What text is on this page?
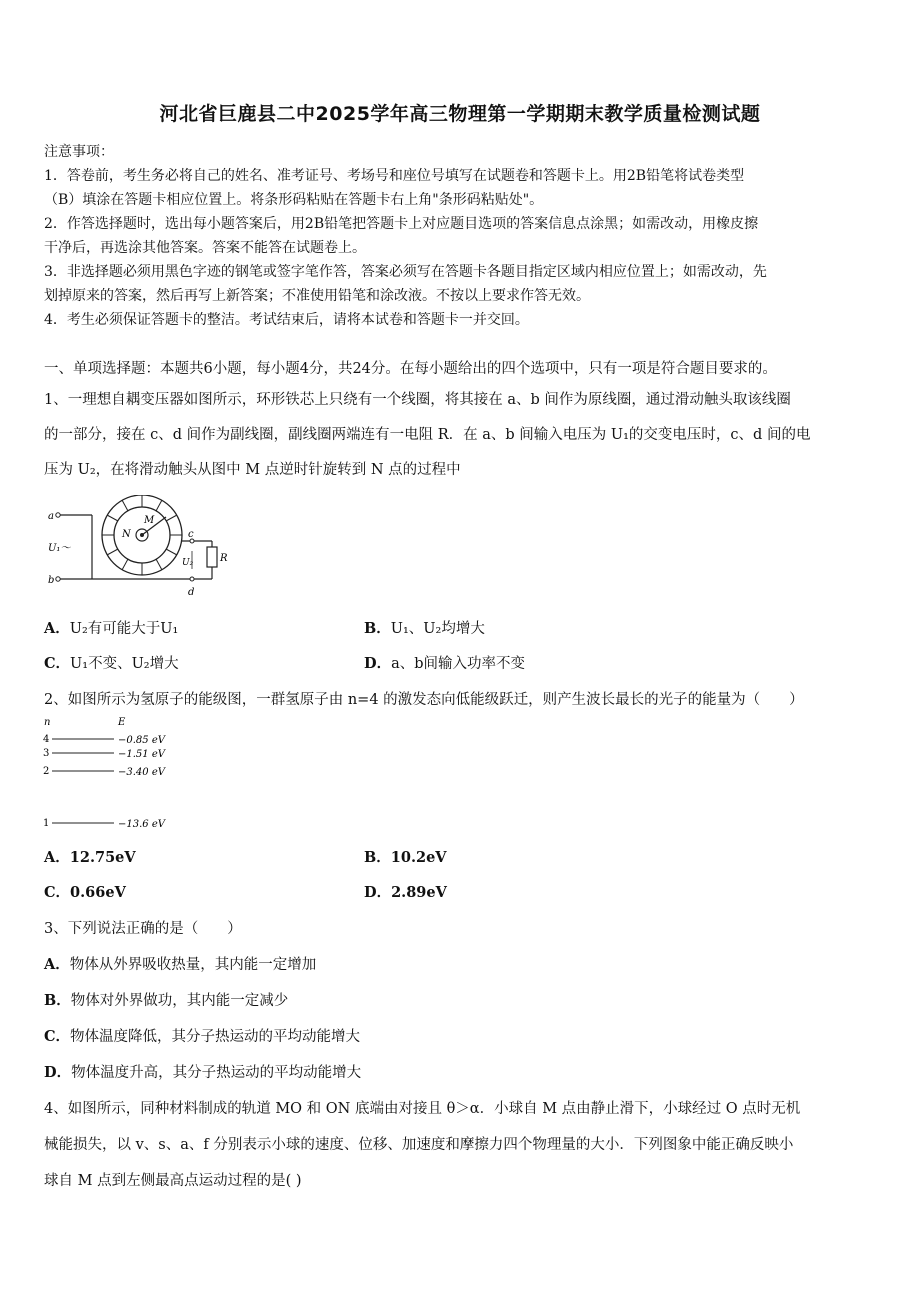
河北省巨鹿县二中2025学年高三物理第一学期期末教学质量检测试题
注意事项：
1．答卷前，考生务必将自己的姓名、准考证号、考场号和座位号填写在试题卷和答题卡上。用2B铅笔将试卷类型
（B）填涂在答题卡相应位置上。将条形码粘贴在答题卡右上角"条形码粘贴处"。
2．作答选择题时，选出每小题答案后，用2B铅笔把答题卡上对应题目选项的答案信息点涂黑；如需改动，用橡皮擦
干净后，再选涂其他答案。答案不能答在试题卷上。
3．非选择题必须用黑色字迹的钢笔或签字笔作答，答案必须写在答题卡各题目指定区域内相应位置上；如需改动，先
划掉原来的答案，然后再写上新答案；不准使用铅笔和涂改液。不按以上要求作答无效。
4．考生必须保证答题卡的整洁。考试结束后，请将本试卷和答题卡一并交回。
一、单项选择题：本题共6小题，每小题4分，共24分。在每小题给出的四个选项中，只有一项是符合题目要求的。
1、一理想自耦变压器如图所示，环形铁芯上只绕有一个线圈，将其接在 a、b 间作为原线圈，通过滑动触头取该线圈
的一部分，接在 c、d 间作为副线圈，副线圈两端连有一电阻 R．在 a、b 间输入电压为 U₁的交变电压时，c、d 间的电
压为 U₂，在将滑动触头从图中 M 点逆时针旋转到 N 点的过程中
a
b
c
d
M
N
U₁～
U₂	R
A．U₂有可能大于U₁	B．U₁、U₂均增大
C．U₁不变、U₂增大	D．a、b间输入功率不变
2、如图所示为氢原子的能级图，一群氢原子由 n=4 的激发态向低能级跃迁，则产生波长最长的光子的能量为（　　）
n	E
4
3
2
1
−0.85 eV
−1.51 eV
−3.40 eV
−13.6 eV
A．12.75eV	B．10.2eV
C．0.66eV	D．2.89eV
3、下列说法正确的是（　　）
A．物体从外界吸收热量，其内能一定增加
B．物体对外界做功，其内能一定减少
C．物体温度降低，其分子热运动的平均动能增大
D．物体温度升高，其分子热运动的平均动能增大
4、如图所示，同种材料制成的轨道 MO 和 ON 底端由对接且 θ＞α．小球自 M 点由静止滑下，小球经过 O 点时无机
械能损失，以 v、s、a、f 分别表示小球的速度、位移、加速度和摩擦力四个物理量的大小．下列图象中能正确反映小
球自 M 点到左侧最高点运动过程的是( )
